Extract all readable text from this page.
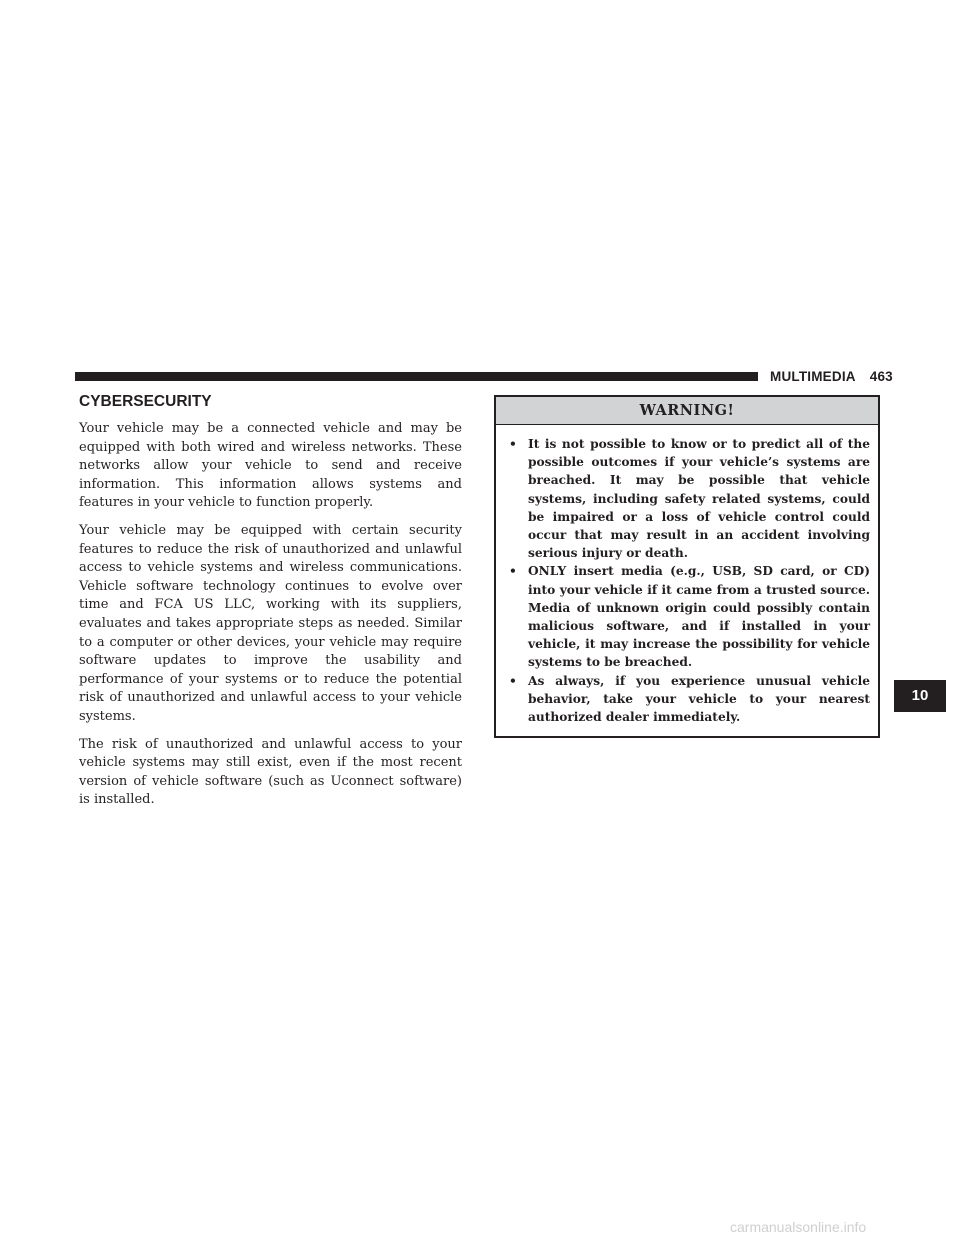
MULTIMEDIA 463
CYBERSECURITY

Your vehicle may be a connected vehicle and may be equipped with both wired and wireless networks. These networks allow your vehicle to send and receive information. This information allows systems and features in your vehicle to function properly.

Your vehicle may be equipped with certain security features to reduce the risk of unauthorized and unlawful access to vehicle systems and wireless communications. Vehicle software technology continues to evolve over time and FCA US LLC, working with its suppliers, evaluates and takes appropriate steps as needed. Similar to a computer or other devices, your vehicle may require software updates to improve the usability and performance of your systems or to reduce the potential risk of unauthorized and unlawful access to your vehicle systems.

The risk of unauthorized and unlawful access to your vehicle systems may still exist, even if the most recent version of vehicle software (such as Uconnect software) is installed.

WARNING!
• It is not possible to know or to predict all of the possible outcomes if your vehicle’s systems are breached. It may be possible that vehicle systems, including safety related systems, could be impaired or a loss of vehicle control could occur that may result in an accident involving serious injury or death.
• ONLY insert media (e.g., USB, SD card, or CD) into your vehicle if it came from a trusted source. Media of unknown origin could possibly contain malicious software, and if installed in your vehicle, it may increase the possibility for vehicle systems to be breached.
• As always, if you experience unusual vehicle behavior, take your vehicle to your nearest authorized dealer immediately.
10
carmanualsonline.info
